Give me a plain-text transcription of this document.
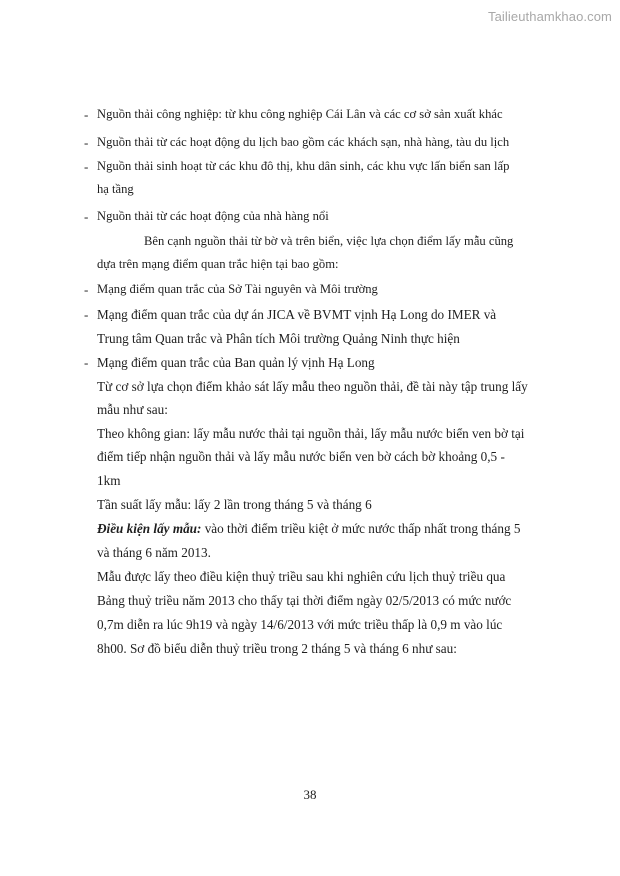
Tailieuthamkhao.com
- Nguồn thải công nghiệp: từ khu công nghiệp Cái Lân và các cơ sở sản xuất khác
- Nguồn thải từ các hoạt động du lịch bao gồm các khách sạn, nhà hàng, tàu du lịch
- Nguồn thải sinh hoạt từ các khu đô thị, khu dân sinh, các khu vực lấn biển san lấp
hạ tầng
- Nguồn thải từ các hoạt động của nhà hàng nổi
Bên cạnh nguồn thải từ bờ và trên biển, việc lựa chọn điểm lấy mẫu cũng
dựa trên mạng điểm quan trắc hiện tại bao gồm:
- Mạng điểm quan trắc của Sở Tài nguyên và Môi trường
- Mạng điểm quan trắc của dự án JICA về BVMT vịnh Hạ Long do IMER và
Trung tâm Quan trắc và Phân tích Môi trường Quảng Ninh thực hiện
- Mạng điểm quan trắc của Ban quản lý vịnh Hạ Long
Từ cơ sở lựa chọn điểm khảo sát lấy mẫu theo nguồn thải, đề tài này tập trung lấy
mẫu như sau:
Theo không gian: lấy mẫu nước thải tại nguồn thải, lấy mẫu nước biển ven bờ tại
điểm tiếp nhận nguồn thải và lấy mẫu nước biển ven bờ cách bờ khoảng 0,5 -
1km
Tần suất lấy mẫu: lấy 2 lần trong tháng 5 và tháng 6
Điều kiện lấy mẫu: vào thời điểm triều kiệt ở mức nước thấp nhất trong tháng 5
và tháng 6 năm 2013.
Mẫu được lấy theo điều kiện thuỷ triều sau khi nghiên cứu lịch thuỷ triều qua
Bảng thuỷ triều năm 2013 cho thấy tại thời điểm ngày 02/5/2013 có mức nước
0,7m diễn ra lúc 9h19 và ngày 14/6/2013 với mức triều thấp là 0,9 m vào lúc
8h00. Sơ đồ biểu diễn thuỷ triều trong 2 tháng 5 và tháng 6 như sau:
38
